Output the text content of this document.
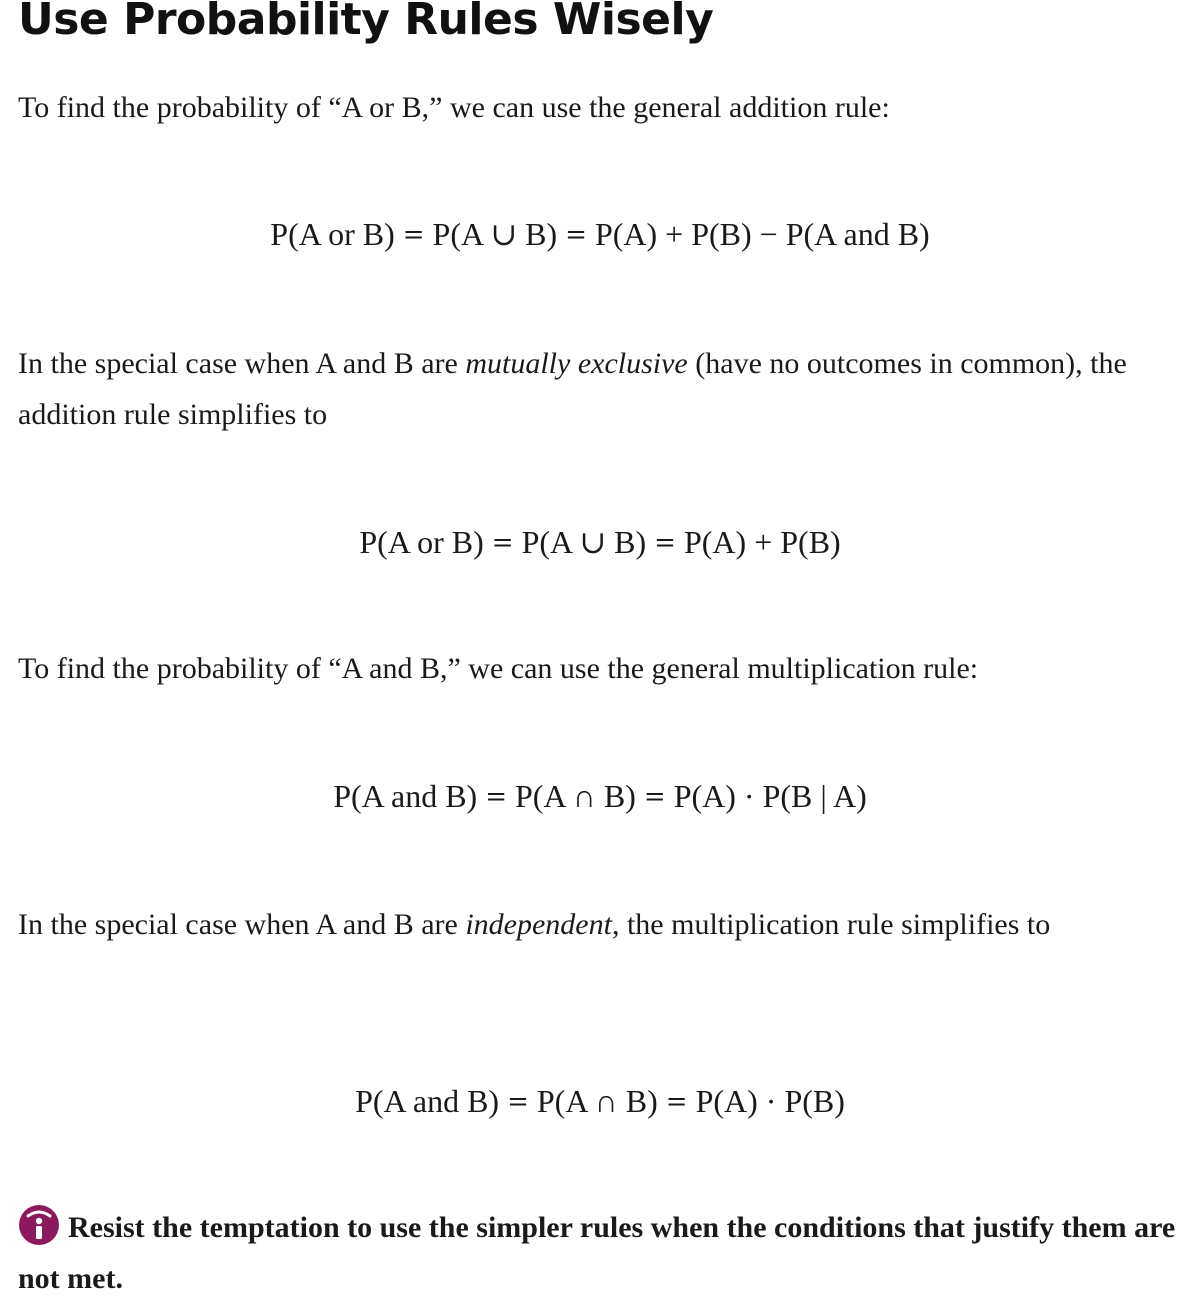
Use Probability Rules Wisely

To find the probability of “A or B,” we can use the general addition rule:

P(A or B) = P(A ∪ B) = P(A) + P(B) − P(A and B)

In the special case when A and B are mutually exclusive (have no outcomes in common), the addition rule simplifies to

P(A or B) = P(A ∪ B) = P(A) + P(B)

To find the probability of “A and B,” we can use the general multiplication rule:

P(A and B) = P(A ∩ B) = P(A) · P(B | A)

In the special case when A and B are independent, the multiplication rule simplifies to

P(A and B) = P(A ∩ B) = P(A) · P(B)

Resist the temptation to use the simpler rules when the conditions that justify them are not met.
